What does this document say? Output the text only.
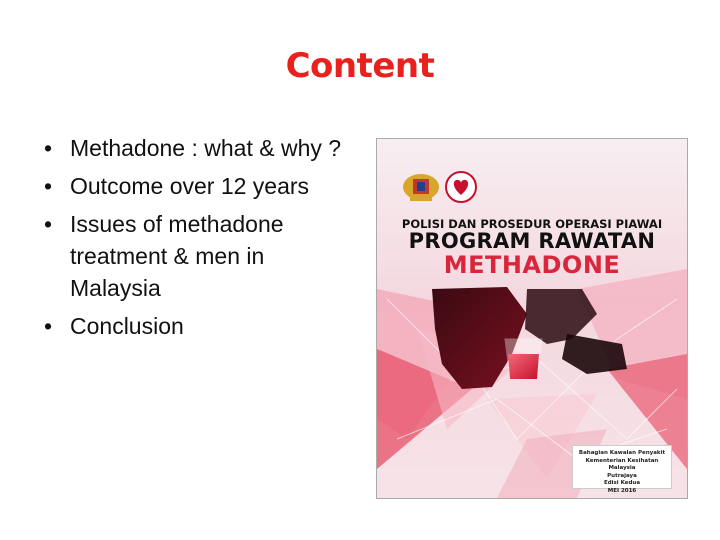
Content
• Methadone : what & why ?
• Outcome over 12 years
• Issues of methadone treatment & men in Malaysia
• Conclusion
POLISI DAN PROSEDUR OPERASI PIAWAI
PROGRAM RAWATAN
METHADONE
Bahagian Kawalan Penyakit
Kementerian Kesihatan Malaysia
Putrajaya
Edisi Kedua
MEI 2016
